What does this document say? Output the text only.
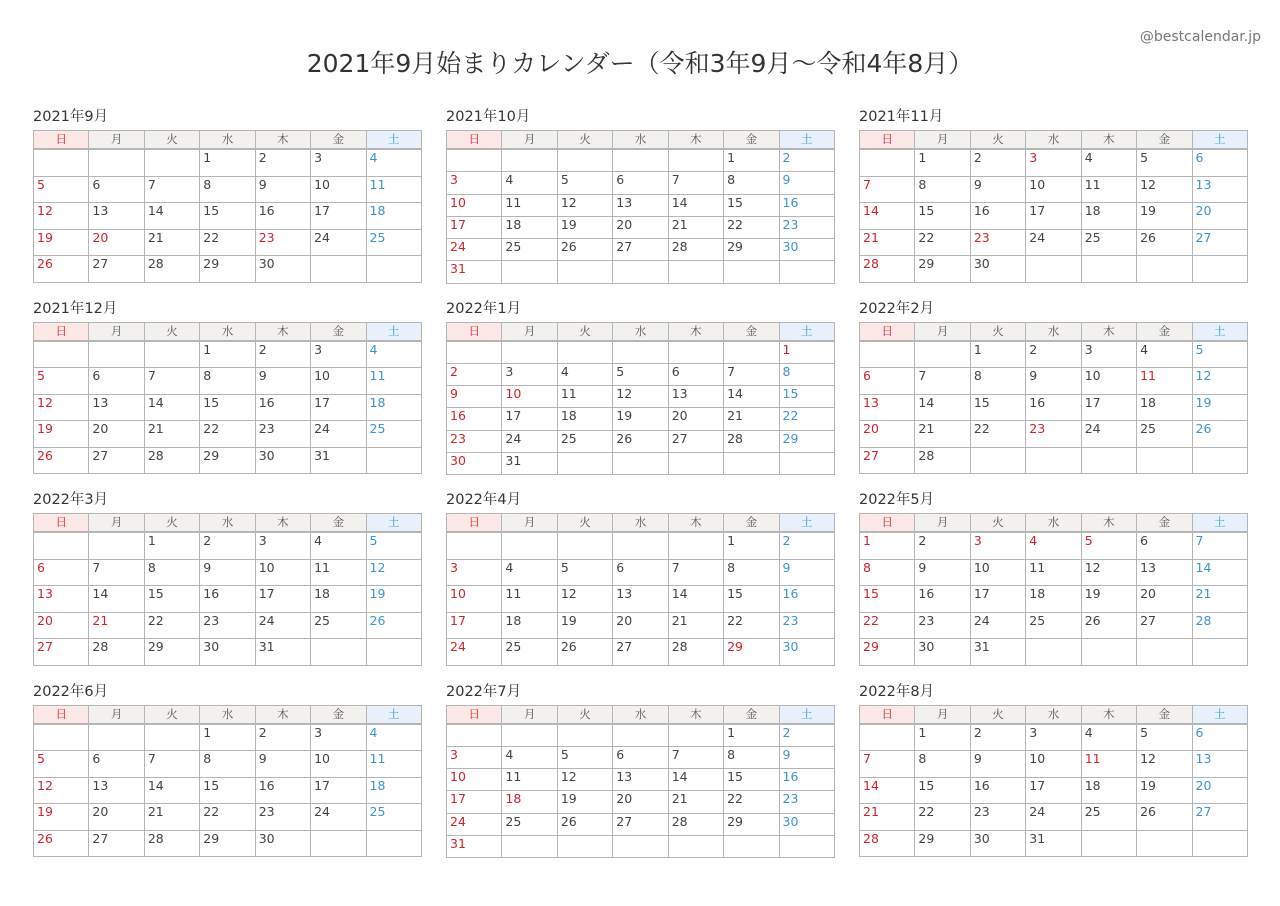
2021年9月始まりカレンダー（令和3年9月〜令和4年8月）
@bestcalendar.jp
2021年9月
日	月	火	水	木	金	土
			1	2	3	4
5	6	7	8	9	10	11
12	13	14	15	16	17	18
19	20	21	22	23	24	25
26	27	28	29	30		
2021年10月
日	月	火	水	木	金	土
					1	2
3	4	5	6	7	8	9
10	11	12	13	14	15	16
17	18	19	20	21	22	23
24	25	26	27	28	29	30
31						
2021年11月
日	月	火	水	木	金	土
	1	2	3	4	5	6
7	8	9	10	11	12	13
14	15	16	17	18	19	20
21	22	23	24	25	26	27
28	29	30				
2021年12月
日	月	火	水	木	金	土
			1	2	3	4
5	6	7	8	9	10	11
12	13	14	15	16	17	18
19	20	21	22	23	24	25
26	27	28	29	30	31	
2022年1月
日	月	火	水	木	金	土
						1
2	3	4	5	6	7	8
9	10	11	12	13	14	15
16	17	18	19	20	21	22
23	24	25	26	27	28	29
30	31					
2022年2月
日	月	火	水	木	金	土
		1	2	3	4	5
6	7	8	9	10	11	12
13	14	15	16	17	18	19
20	21	22	23	24	25	26
27	28					
2022年3月
日	月	火	水	木	金	土
		1	2	3	4	5
6	7	8	9	10	11	12
13	14	15	16	17	18	19
20	21	22	23	24	25	26
27	28	29	30	31		
2022年4月
日	月	火	水	木	金	土
					1	2
3	4	5	6	7	8	9
10	11	12	13	14	15	16
17	18	19	20	21	22	23
24	25	26	27	28	29	30
2022年5月
日	月	火	水	木	金	土
1	2	3	4	5	6	7
8	9	10	11	12	13	14
15	16	17	18	19	20	21
22	23	24	25	26	27	28
29	30	31				
2022年6月
日	月	火	水	木	金	土
			1	2	3	4
5	6	7	8	9	10	11
12	13	14	15	16	17	18
19	20	21	22	23	24	25
26	27	28	29	30		
2022年7月
日	月	火	水	木	金	土
					1	2
3	4	5	6	7	8	9
10	11	12	13	14	15	16
17	18	19	20	21	22	23
24	25	26	27	28	29	30
31						
2022年8月
日	月	火	水	木	金	土
	1	2	3	4	5	6
7	8	9	10	11	12	13
14	15	16	17	18	19	20
21	22	23	24	25	26	27
28	29	30	31			
